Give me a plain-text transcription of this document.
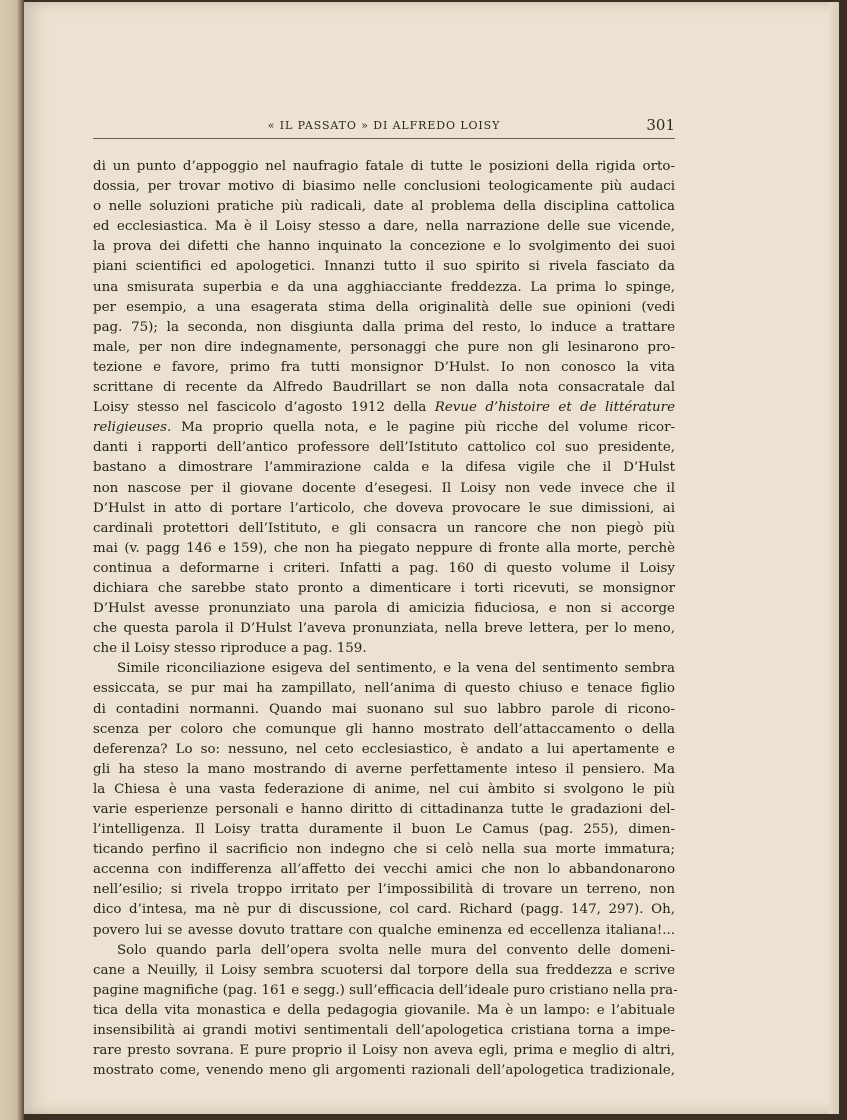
« IL PASSATO » DI ALFREDO LOISY	301
di un punto d’appoggio nel naufragio fatale di tutte le posizioni della rigida orto-
dossia, per trovar motivo di biasimo nelle conclusioni teologicamente più audaci
o nelle soluzioni pratiche più radicali, date al problema della disciplina cattolica
ed ecclesiastica. Ma è il Loisy stesso a dare, nella narrazione delle sue vicende,
la prova dei difetti che hanno inquinato la concezione e lo svolgimento dei suoi
piani scientifici ed apologetici. Innanzi tutto il suo spirito si rivela fasciato da
una smisurata superbia e da una agghiacciante freddezza. La prima lo spinge,
per esempio, a una esagerata stima della originalità delle sue opinioni (vedi
pag. 75); la seconda, non disgiunta dalla prima del resto, lo induce a trattare
male, per non dire indegnamente, personaggi che pure non gli lesinarono pro-
tezione e favore, primo fra tutti monsignor D’Hulst. Io non conosco la vita
scrittane di recente da Alfredo Baudrillart se non dalla nota consacratale dal
Loisy stesso nel fascicolo d’agosto 1912 della Revue d’histoire et de littérature
religieuses. Ma proprio quella nota, e le pagine più ricche del volume ricor-
danti i rapporti dell’antico professore dell’Istituto cattolico col suo presidente,
bastano a dimostrare l’ammirazione calda e la difesa vigile che il D’Hulst
non nascose per il giovane docente d’esegesi. Il Loisy non vede invece che il
D’Hulst in atto di portare l’articolo, che doveva provocare le sue dimissioni, ai
cardinali protettori dell’Istituto, e gli consacra un rancore che non piegò più
mai (v. pagg 146 e 159), che non ha piegato neppure di fronte alla morte, perchè
continua a deformarne i criteri. Infatti a pag. 160 di questo volume il Loisy
dichiara che sarebbe stato pronto a dimenticare i torti ricevuti, se monsignor
D’Hulst avesse pronunziato una parola di amicizia fiduciosa, e non si accorge
che questa parola il D’Hulst l’aveva pronunziata, nella breve lettera, per lo meno,
che il Loisy stesso riproduce a pag. 159.
Simile riconciliazione esigeva del sentimento, e la vena del sentimento sembra
essiccata, se pur mai ha zampillato, nell’anima di questo chiuso e tenace figlio
di contadini normanni. Quando mai suonano sul suo labbro parole di ricono-
scenza per coloro che comunque gli hanno mostrato dell’attaccamento o della
deferenza? Lo so: nessuno, nel ceto ecclesiastico, è andato a lui apertamente e
gli ha steso la mano mostrando di averne perfettamente inteso il pensiero. Ma
la Chiesa è una vasta federazione di anime, nel cui àmbito si svolgono le più
varie esperienze personali e hanno diritto di cittadinanza tutte le gradazioni del-
l’intelligenza. Il Loisy tratta duramente il buon Le Camus (pag. 255), dimen-
ticando perfino il sacrificio non indegno che si celò nella sua morte immatura;
accenna con indifferenza all’affetto dei vecchi amici che non lo abbandonarono
nell’esilio; si rivela troppo irritato per l’impossibilità di trovare un terreno, non
dico d’intesa, ma nè pur di discussione, col card. Richard (pagg. 147, 297). Oh,
povero lui se avesse dovuto trattare con qualche eminenza ed eccellenza italiana!...
Solo quando parla dell’opera svolta nelle mura del convento delle domeni-
cane a Neuilly, il Loisy sembra scuotersi dal torpore della sua freddezza e scrive
pagine magnifiche (pag. 161 e segg.) sull’efficacia dell’ideale puro cristiano nella pra-
tica della vita monastica e della pedagogia giovanile. Ma è un lampo: e l’abituale
insensibilità ai grandi motivi sentimentali dell’apologetica cristiana torna a impe-
rare presto sovrana. E pure proprio il Loisy non aveva egli, prima e meglio di altri,
mostrato come, venendo meno gli argomenti razionali dell’apologetica tradizionale,
